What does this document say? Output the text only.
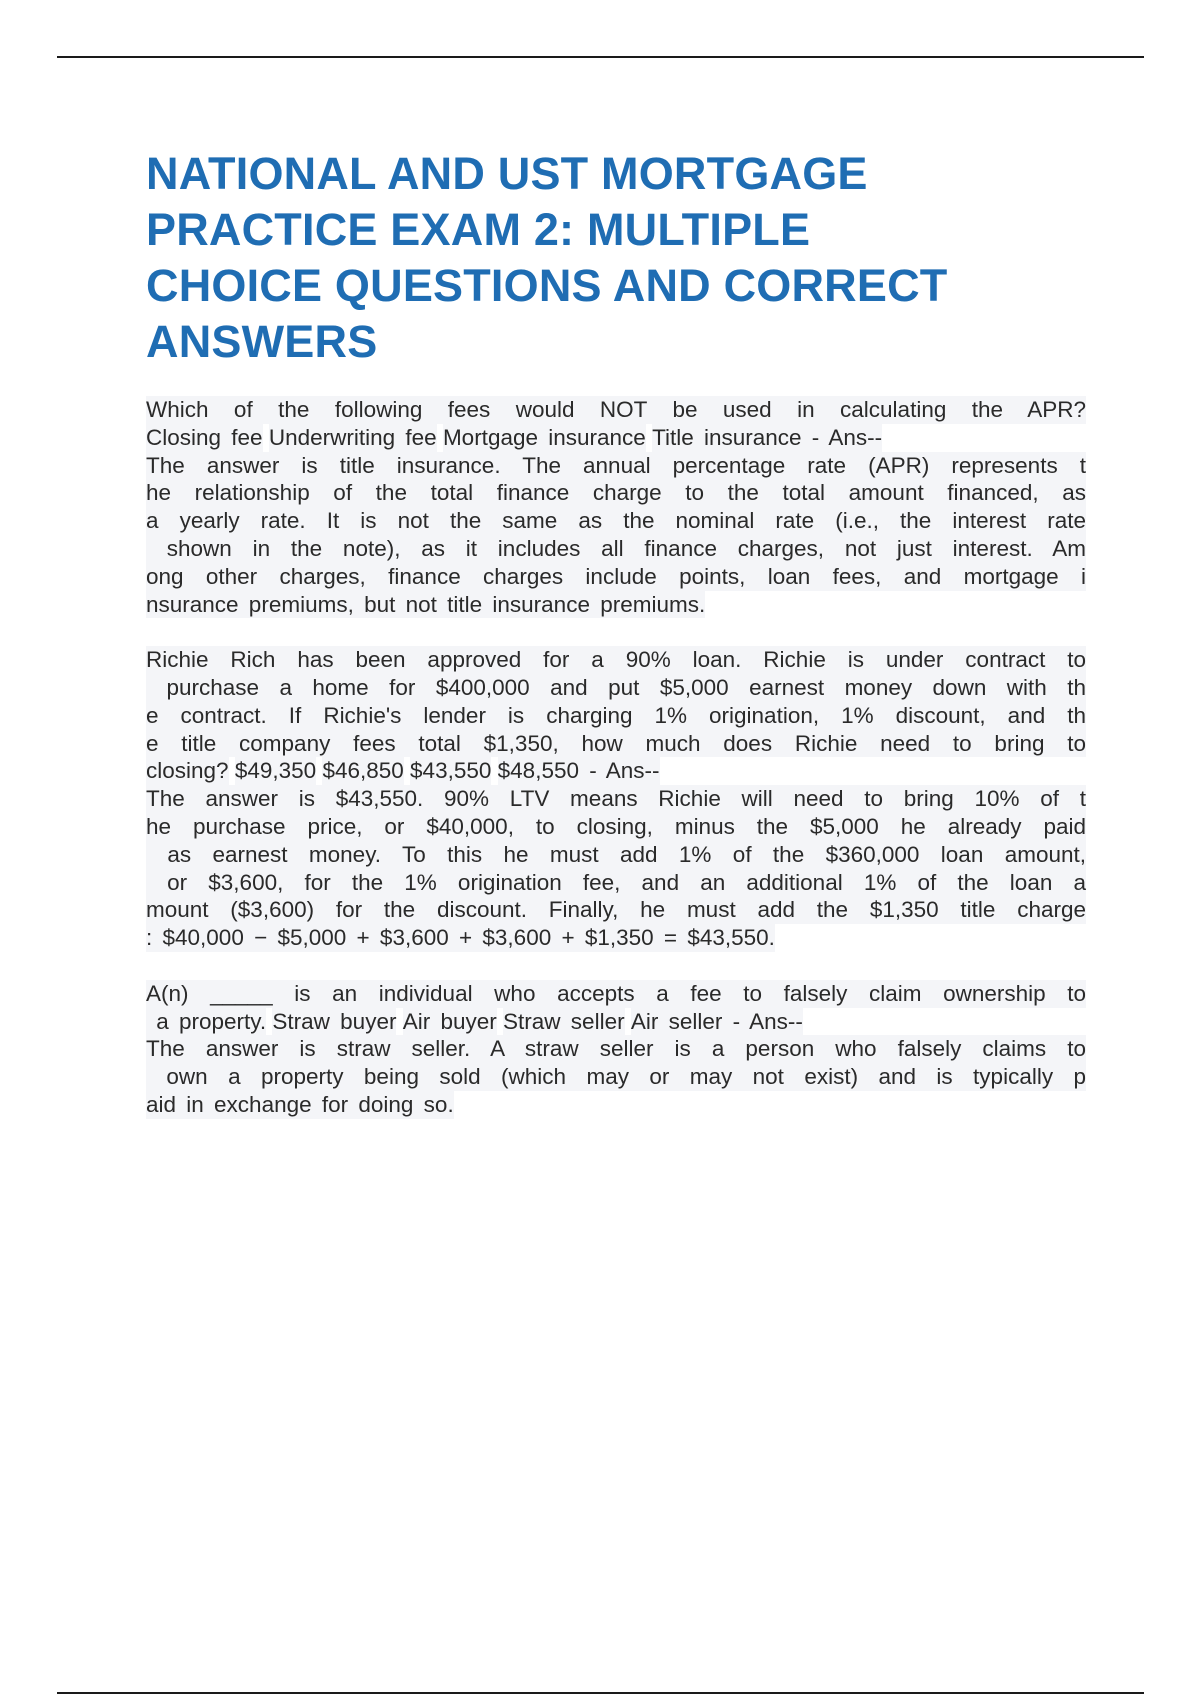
NATIONAL AND UST MORTGAGE
PRACTICE EXAM 2: MULTIPLE
CHOICE QUESTIONS AND CORRECT
ANSWERS
Which of the following fees would NOT be used in calculating the APR?
Closing fee Underwriting fee Mortgage insurance Title insurance - Ans--
The answer is title insurance. The annual percentage rate (APR) represents t
he relationship of the total finance charge to the total amount financed, as
a yearly rate. It is not the same as the nominal rate (i.e., the interest rate
shown in the note), as it includes all finance charges, not just interest. Am
ong other charges, finance charges include points, loan fees, and mortgage i
nsurance premiums, but not title insurance premiums.
Richie Rich has been approved for a 90% loan. Richie is under contract to
purchase a home for $400,000 and put $5,000 earnest money down with th
e contract. If Richie's lender is charging 1% origination, 1% discount, and th
e title company fees total $1,350, how much does Richie need to bring to
closing? $49,350 $46,850 $43,550 $48,550 - Ans--
The answer is $43,550. 90% LTV means Richie will need to bring 10% of t
he purchase price, or $40,000, to closing, minus the $5,000 he already paid
as earnest money. To this he must add 1% of the $360,000 loan amount,
or $3,600, for the 1% origination fee, and an additional 1% of the loan a
mount ($3,600) for the discount. Finally, he must add the $1,350 title charge
: $40,000 − $5,000 + $3,600 + $3,600 + $1,350 = $43,550.
A(n) _____ is an individual who accepts a fee to falsely claim ownership to
a property. Straw buyer Air buyer Straw seller Air seller - Ans--
The answer is straw seller. A straw seller is a person who falsely claims to
own a property being sold (which may or may not exist) and is typically p
aid in exchange for doing so.
